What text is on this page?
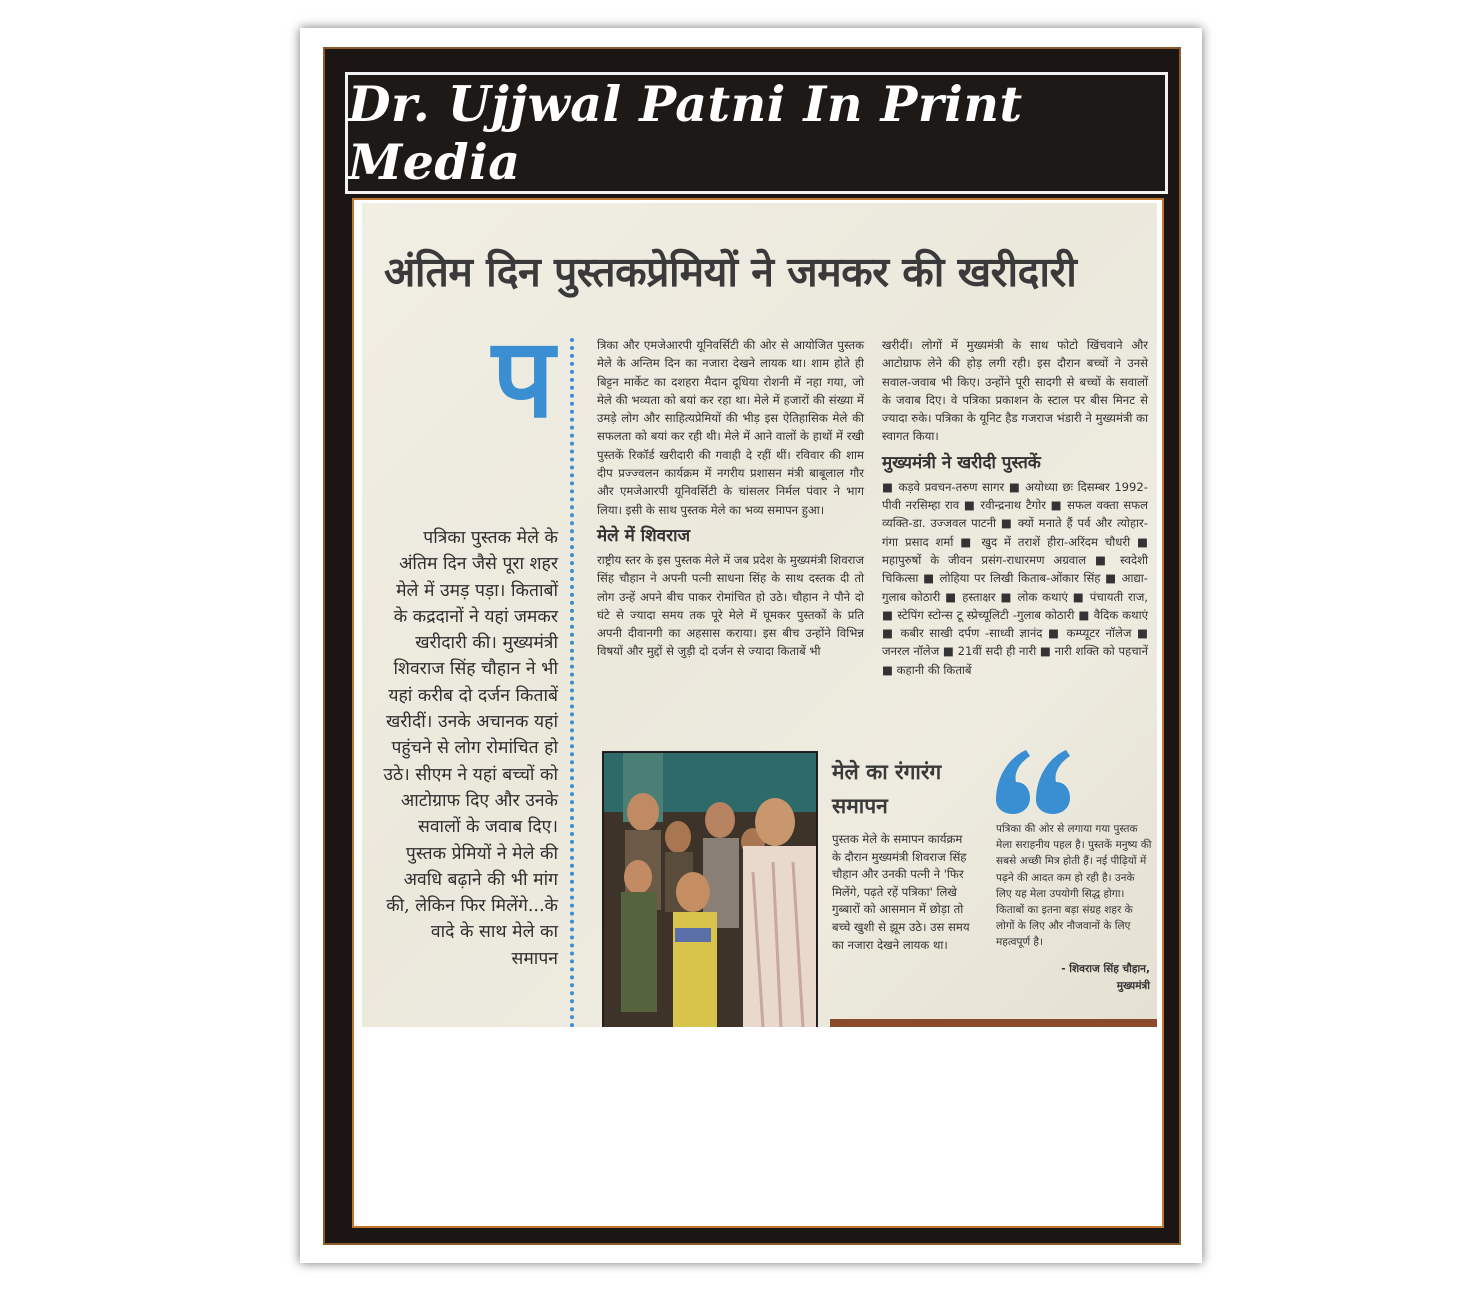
Dr. Ujjwal Patni In Print Media
अंतिम दिन पुस्तकप्रेमियों ने जमकर की खरीदारी
प

पत्रिका पुस्तक मेले के अंतिम दिन जैसे पूरा शहर मेले में उमड़ पड़ा। किताबों के कद्रदानों ने यहां जमकर खरीदारी की। मुख्यमंत्री शिवराज सिंह चौहान ने भी यहां करीब दो दर्जन किताबें खरीदीं। उनके अचानक यहां पहुंचने से लोग रोमांचित हो उठे। सीएम ने यहां बच्चों को आटोग्राफ दिए और उनके सवालों के जवाब दिए। पुस्तक प्रेमियों ने मेले की अवधि बढ़ाने की भी मांग की, लेकिन फिर मिलेंगे...के वादे के साथ मेले का समापन

त्रिका और एमजेआरपी यूनिवर्सिटी की ओर से आयोजित पुस्तक मेले के अन्तिम दिन का नजारा देखने लायक था। शाम होते ही बिट्टन मार्केट का दशहरा मैदान दूधिया रोशनी में नहा गया, जो मेले की भव्यता को बयां कर रहा था। मेले में हजारों की संख्या में उमड़े लोग और साहित्यप्रेमियों की भीड़ इस ऐतिहासिक मेले की सफलता को बयां कर रही थी। मेले में आने वालों के हाथों में रखी पुस्तकें रिकॉर्ड खरीदारी की गवाही दे रहीं थीं। रविवार की शाम दीप प्रज्ज्वलन कार्यक्रम में नगरीय प्रशासन मंत्री बाबूलाल गौर और एमजेआरपी यूनिवर्सिटी के चांसलर निर्मल पंवार ने भाग लिया। इसी के साथ पुस्तक मेले का भव्य समापन हुआ।

मेले में शिवराज

राष्ट्रीय स्तर के इस पुस्तक मेले में जब प्रदेश के मुख्यमंत्री शिवराज सिंह चौहान ने अपनी पत्नी साधना सिंह के साथ दस्तक दी तो लोग उन्हें अपने बीच पाकर रोमांचित हो उठे। चौहान ने पौने दो घंटे से ज्यादा समय तक पूरे मेले में घूमकर पुस्तकों के प्रति अपनी दीवानगी का अहसास कराया। इस बीच उन्होंने विभिन्न विषयों और मुद्दों से जुड़ी दो दर्जन से ज्यादा किताबें भी

खरीदीं। लोगों में मुख्यमंत्री के साथ फोटो खिंचवाने और आटोग्राफ लेने की होड़ लगी रही। इस दौरान बच्चों ने उनसे सवाल-जवाब भी किए। उन्होंने पूरी सादगी से बच्चों के सवालों के जवाब दिए। वे पत्रिका प्रकाशन के स्टाल पर बीस मिनट से ज्यादा रुके। पत्रिका के यूनिट हैड गजराज भंडारी ने मुख्यमंत्री का स्वागत किया।

मुख्यमंत्री ने खरीदी पुस्तकें

■ कड़वे प्रवचन-तरुण सागर ■ अयोध्या छः दिसम्बर 1992-पीवी नरसिम्हा राव ■ रवीन्द्रनाथ टैगोर ■ सफल वक्ता सफल व्यक्ति-डा. उज्जवल पाटनी ■ क्यों मनाते हैं पर्व और त्योहार-गंगा प्रसाद शर्मा ■ खुद में तराशें हीरा-अरिंदम चौधरी ■ महापुरुषों के जीवन प्रसंग-राधारमण अग्रवाल ■ स्वदेशी चिकित्सा ■ लोहिया पर लिखी किताब-ओंकार सिंह ■ आद्या-गुलाब कोठारी ■ हस्ताक्षर ■ लोक कथाएं ■ पंचायती राज, ■ स्टेपिंग स्टोन्स टू स्प्रेच्यूलिटी -गुलाब कोठारी ■ वैदिक कथाएं ■ कबीर साखी दर्पण -साध्वी ज्ञानंद ■ कम्प्यूटर नॉलेज ■ जनरल नॉलेज ■ 21वीं सदी ही नारी ■ नारी शक्ति को पहचानें ■ कहानी की किताबें

मेले का रंगारंग समापन

पुस्तक मेले के समापन कार्यक्रम के दौरान मुख्यमंत्री शिवराज सिंह चौहान और उनकी पत्नी ने 'फिर मिलेंगे, पढ़ते रहें पत्रिका' लिखे गुब्बारों को आसमान में छोड़ा तो बच्चे खुशी से झूम उठे। उस समय का नजारा देखने लायक था।

पत्रिका की ओर से लगाया गया पुस्तक मेला सराहनीय पहल है। पुस्तकें मनुष्य की सबसे अच्छी मित्र होती हैं। नई पीढ़ियों में पढ़ने की आदत कम हो रही है। उनके लिए यह मेला उपयोगी सिद्ध होगा। किताबों का इतना बड़ा संग्रह शहर के लोगों के लिए और नौजवानों के लिए महत्वपूर्ण है।

- शिवराज सिंह चौहान,
मुख्यमंत्री
